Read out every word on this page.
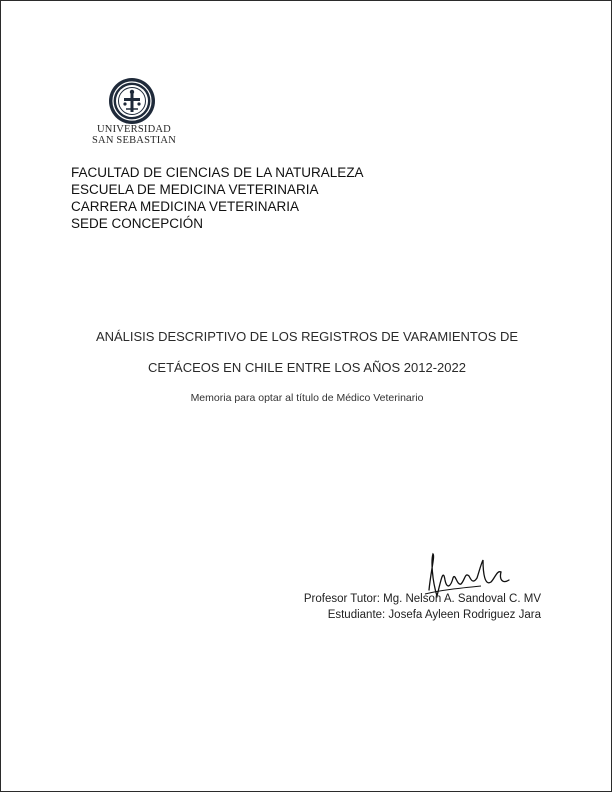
UNIVERSIDAD
SAN SEBASTIAN
FACULTAD DE CIENCIAS DE LA NATURALEZA
ESCUELA DE MEDICINA VETERINARIA
CARRERA MEDICINA VETERINARIA
SEDE CONCEPCIÓN
ANÁLISIS DESCRIPTIVO DE LOS REGISTROS DE VARAMIENTOS DE
CETÁCEOS EN CHILE ENTRE LOS AÑOS 2012-2022
Memoria para optar al título de Médico Veterinario
Profesor Tutor: Mg. Nelson A. Sandoval C. MV
Estudiante: Josefa Ayleen Rodriguez Jara
